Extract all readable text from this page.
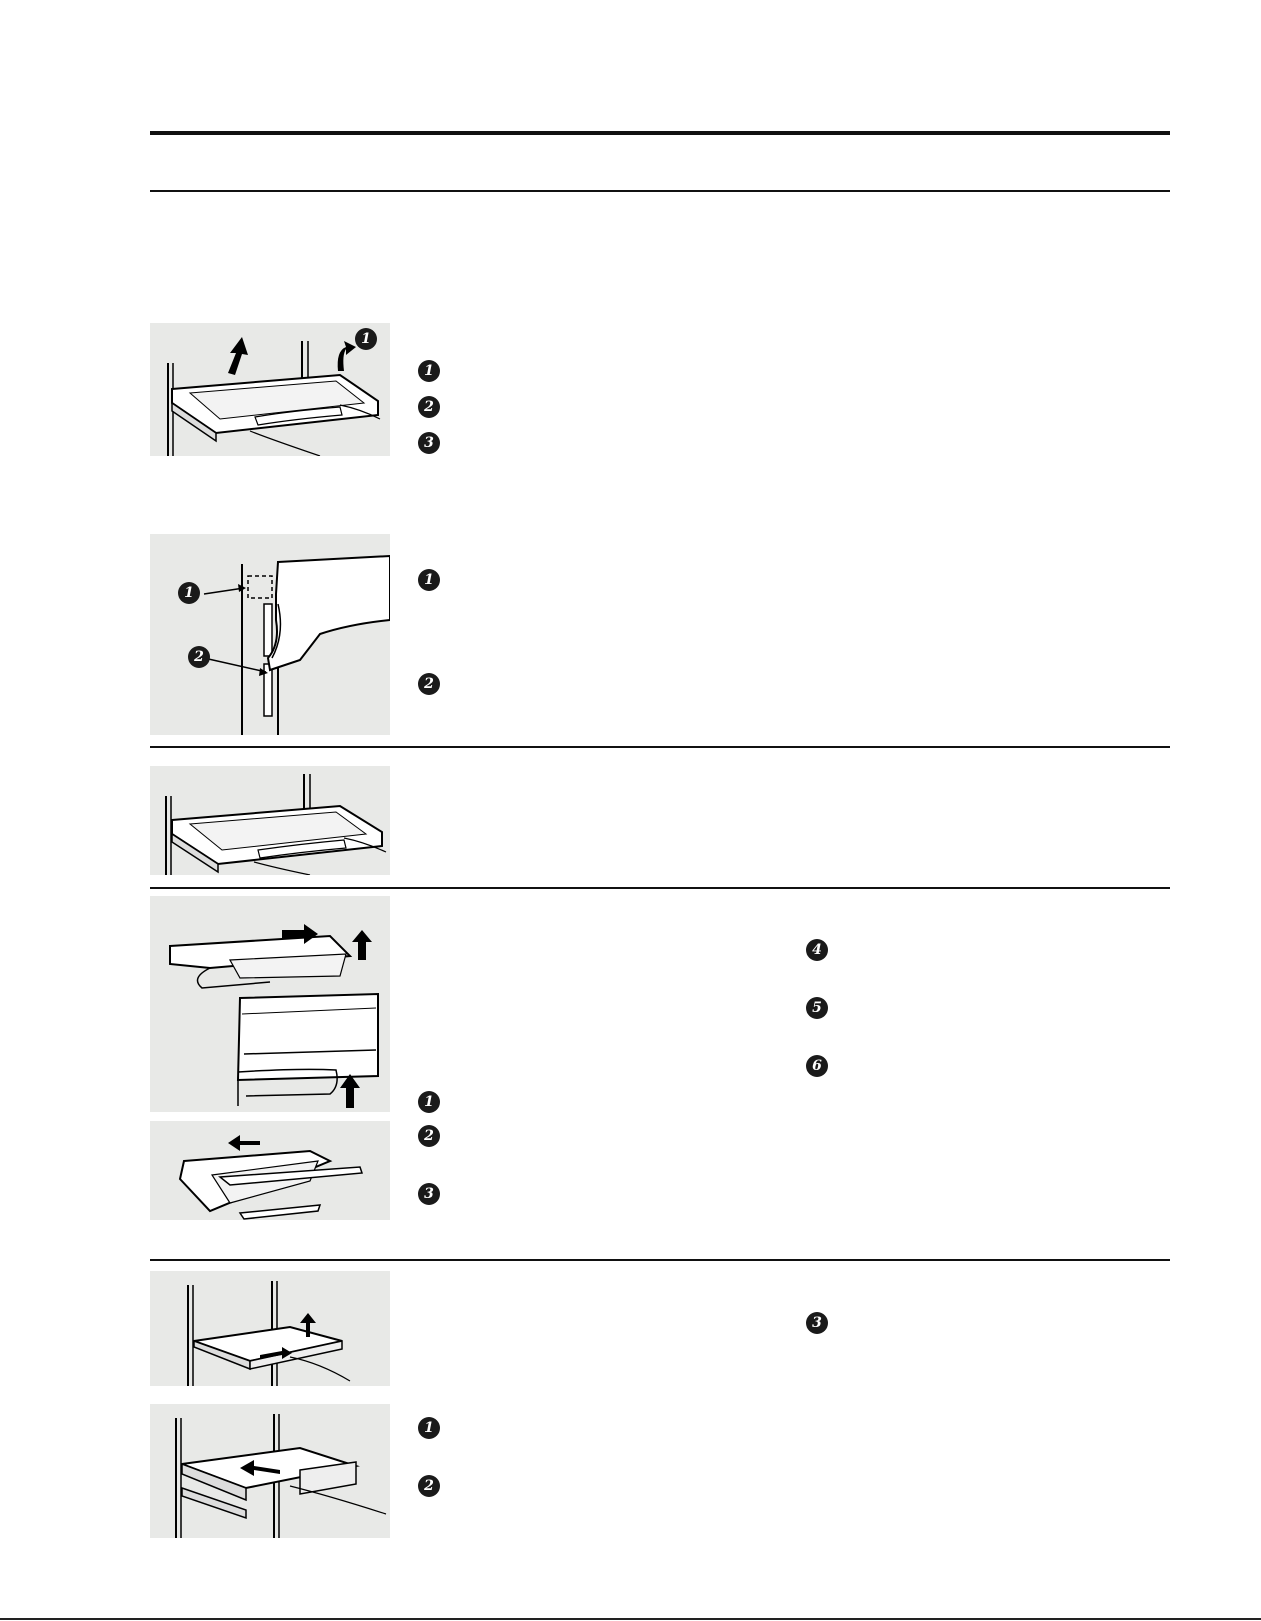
1
1
2
3
1
2
1
2
1
2
3
4
5
6
1
2
3
